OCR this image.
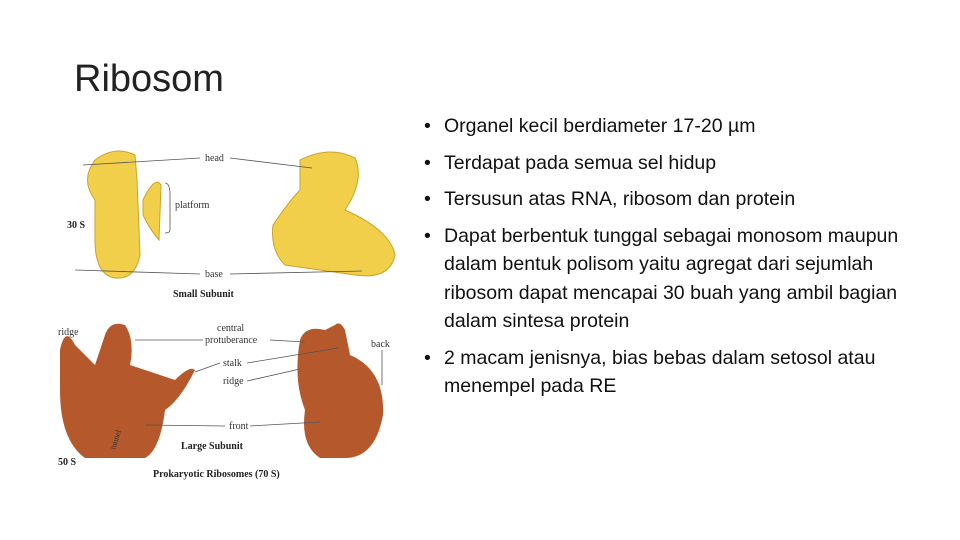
Ribosom
head
platform
30 S
base
Small Subunit
ridge	central
protuberance
stalk
ridge
back
front
tunnel	Large Subunit
50 S
Prokaryotic Ribosomes (70 S)
• Organel kecil berdiameter 17-20 µm
• Terdapat pada semua sel hidup
• Tersusun atas RNA, ribosom dan protein
• Dapat berbentuk tunggal sebagai monosom maupun dalam bentuk polisom yaitu agregat dari sejumlah ribosom dapat mencapai 30 buah yang ambil bagian dalam sintesa protein
• 2 macam jenisnya, bias bebas dalam setosol atau menempel pada RE
